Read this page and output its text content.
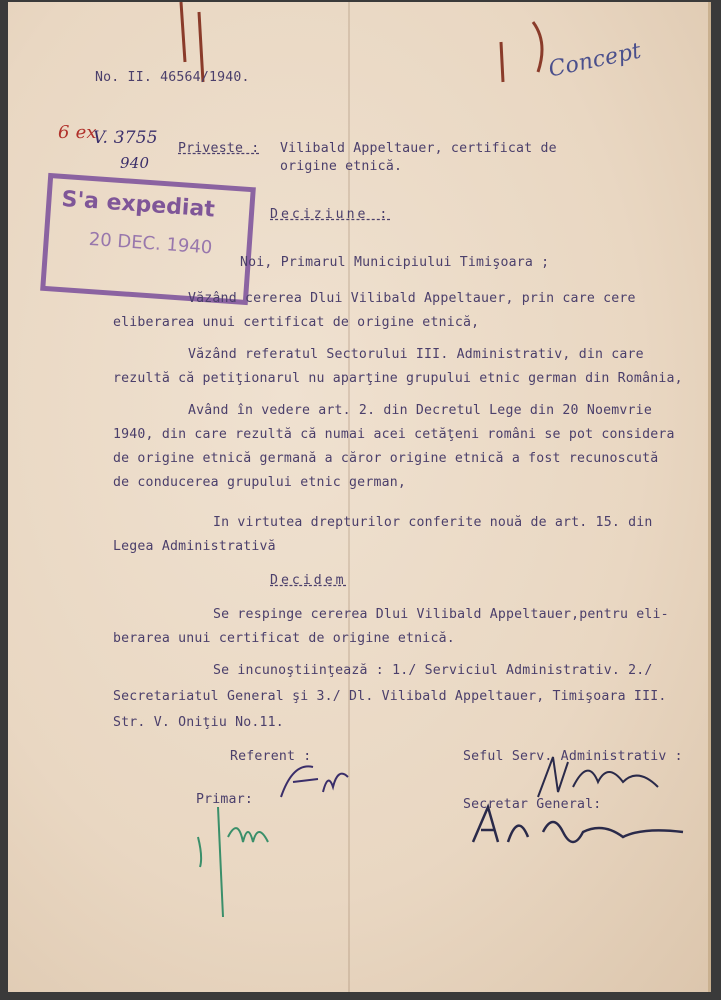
No. II. 46564/1940.	Concept
6 ex
V. 3755
940
Priveste : Vilibald Appeltauer, certificat de
origine etnică.
S'a expediat
20 DEC. 1940
Deciziune :
Noi, Primarul Municipiului Timişoara ;
Văzând cererea Dlui Vilibald Appeltauer, prin care cere
eliberarea unui certificat de origine etnică,
Văzând referatul Sectorului III. Administrativ, din care
rezultă că petiţionarul nu aparţine grupului etnic german din România,
Având în vedere art. 2. din Decretul Lege din 20 Noemvrie
1940, din care rezultă că numai acei cetăţeni români se pot considera
de origine etnică germană a căror origine etnică a fost recunoscută
de conducerea grupului etnic german,
In virtutea drepturilor conferite nouă de art. 15. din
Legea Administrativă
Decidem
Se respinge cererea Dlui Vilibald Appeltauer,pentru eli-
berarea unui certificat de origine etnică.
Se incunoştiinţează : 1./ Serviciul Administrativ. 2./
Secretariatul General şi 3./ Dl. Vilibald Appeltauer, Timişoara III.
Str. V. Oniţiu No.11.
Referent :
Primar:
Seful Serv. Administrativ :
Secretar General:
